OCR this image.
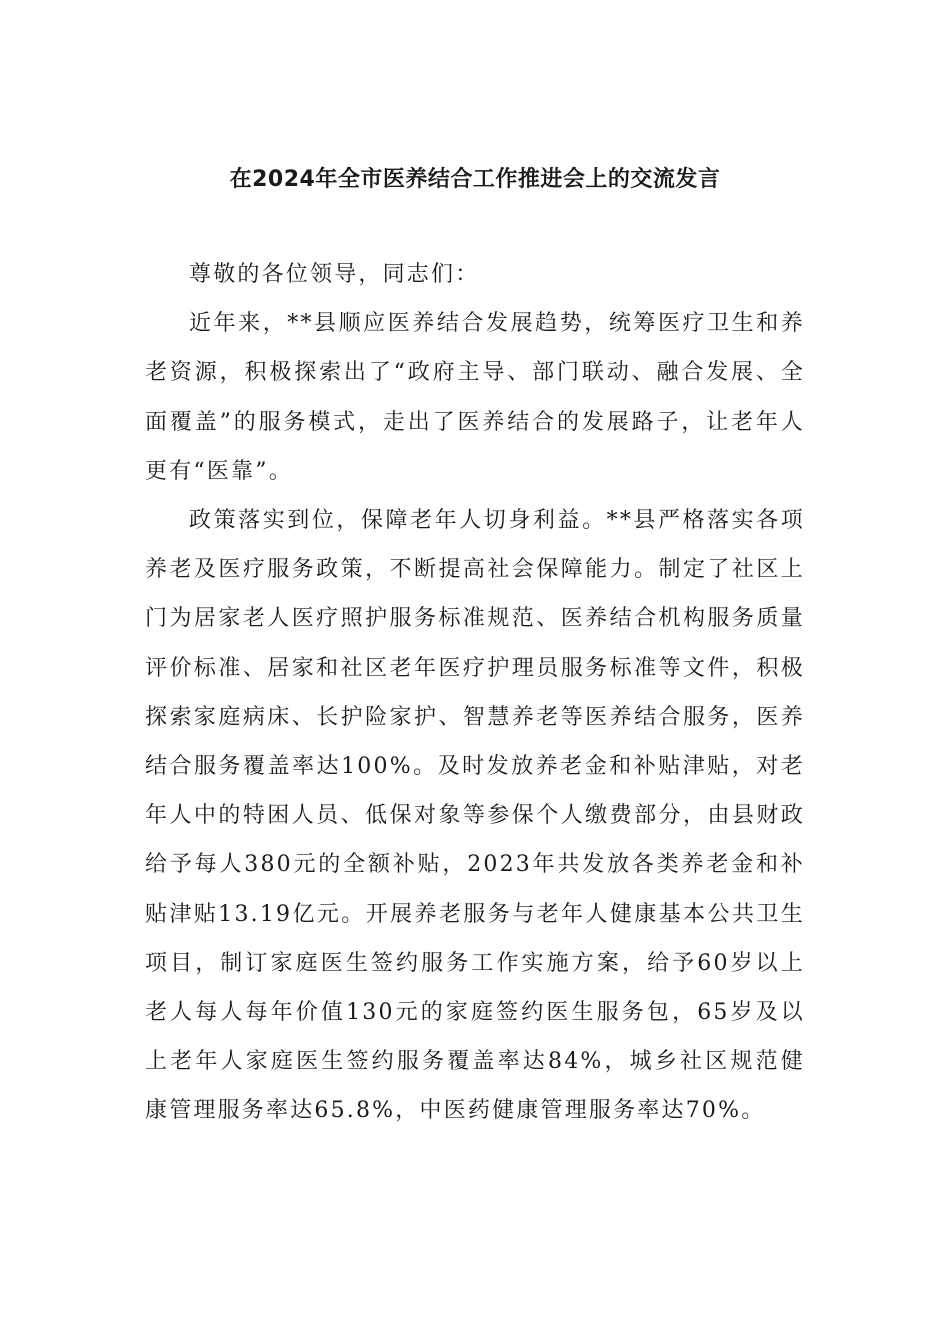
在2024年全市医养结合工作推进会上的交流发言

尊敬的各位领导，同志们：

近年来，**县顺应医养结合发展趋势，统筹医疗卫生和养老资源，积极探索出了“政府主导、部门联动、融合发展、全面覆盖”的服务模式，走出了医养结合的发展路子，让老年人更有“医靠”。

政策落实到位，保障老年人切身利益。**县严格落实各项养老及医疗服务政策，不断提高社会保障能力。制定了社区上门为居家老人医疗照护服务标准规范、医养结合机构服务质量评价标准、居家和社区老年医疗护理员服务标准等文件，积极探索家庭病床、长护险家护、智慧养老等医养结合服务，医养结合服务覆盖率达100%。及时发放养老金和补贴津贴，对老年人中的特困人员、低保对象等参保个人缴费部分，由县财政给予每人380元的全额补贴，2023年共发放各类养老金和补贴津贴13.19亿元。开展养老服务与老年人健康基本公共卫生项目，制订家庭医生签约服务工作实施方案，给予60岁以上老人每人每年价值130元的家庭签约医生服务包，65岁及以上老年人家庭医生签约服务覆盖率达84%，城乡社区规范健康管理服务率达65.8%，中医药健康管理服务率达70%。
